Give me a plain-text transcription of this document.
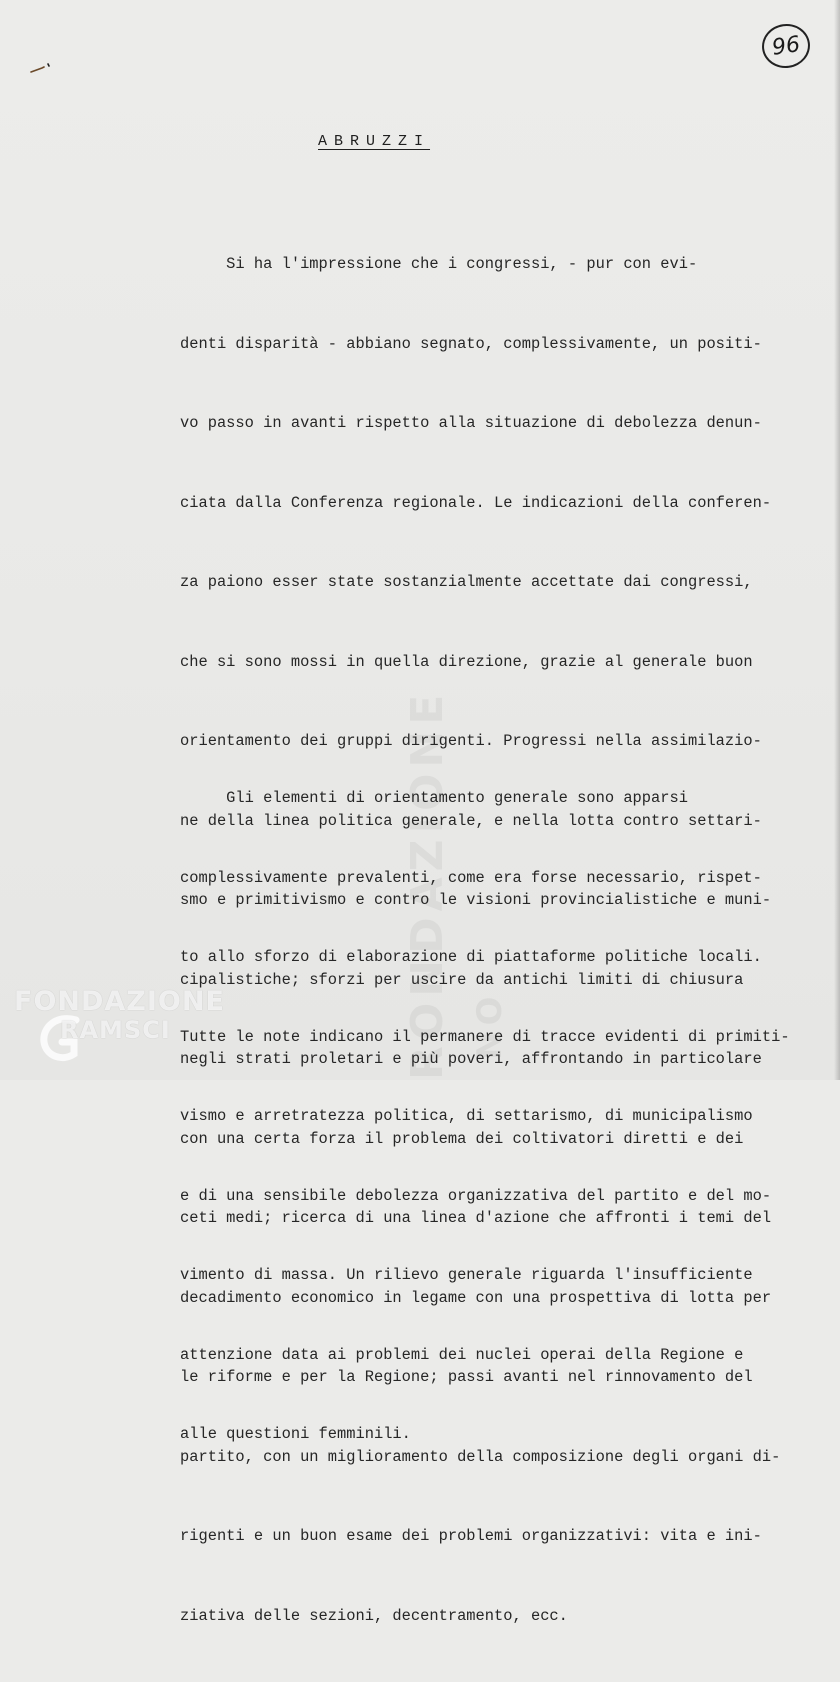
RONDAZIONE NO
96
ABRUZZI

Si ha l'impressione che i congressi, - pur con evi-

denti disparità - abbiano segnato, complessivamente, un positi-

vo passo in avanti rispetto alla situazione di debolezza denun-

ciata dalla Conferenza regionale. Le indicazioni della conferen-

za paiono esser state sostanzialmente accettate dai congressi,

che si sono mossi in quella direzione, grazie al generale buon

orientamento dei gruppi dirigenti. Progressi nella assimilazio-

ne della linea politica generale, e nella lotta contro settari-

smo e primitivismo e contro le visioni provincialistiche e muni-

cipalistiche; sforzi per uscire da antichi limiti di chiusura

negli strati proletari e più poveri, affrontando in particolare

con una certa forza il problema dei coltivatori diretti e dei

ceti medi; ricerca di una linea d'azione che affronti i temi del

decadimento economico in legame con una prospettiva di lotta per

le riforme e per la Regione; passi avanti nel rinnovamento del

partito, con un miglioramento della composizione degli organi di-

rigenti e un buon esame dei problemi organizzativi: vita e ini-

ziativa delle sezioni, decentramento, ecc.

Gli elementi di orientamento generale sono apparsi

complessivamente prevalenti, come era forse necessario, rispet-

to allo sforzo di elaborazione di piattaforme politiche locali.

Tutte le note indicano il permanere di tracce evidenti di primiti-

vismo e arretratezza politica, di settarismo, di municipalismo

e di una sensibile debolezza organizzativa del partito e del mo-

vimento di massa. Un rilievo generale riguarda l'insufficiente

attenzione data ai problemi dei nuclei operai della Regione e

alle questioni femminili.

FONDAZIONE
RAMSCI
